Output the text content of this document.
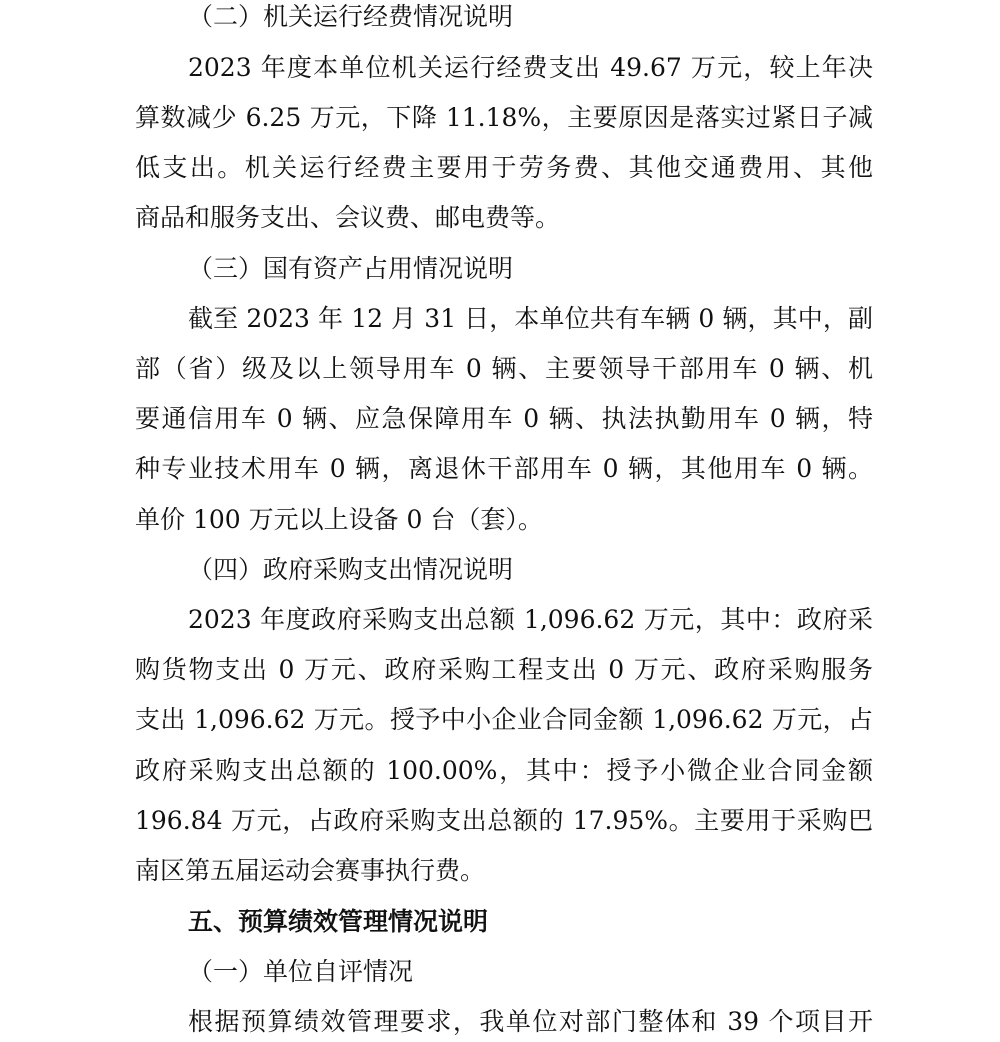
（二）机关运行经费情况说明

2023 年度本单位机关运行经费支出 49.67 万元，较上年决

算数减少 6.25 万元，下降 11.18%，主要原因是落实过紧日子减

低支出。机关运行经费主要用于劳务费、其他交通费用、其他

商品和服务支出、会议费、邮电费等。

（三）国有资产占用情况说明

截至 2023 年 12 月 31 日，本单位共有车辆 0 辆，其中，副

部（省）级及以上领导用车 0 辆、主要领导干部用车 0 辆、机

要通信用车 0 辆、应急保障用车 0 辆、执法执勤用车 0 辆，特

种专业技术用车 0 辆，离退休干部用车 0 辆，其他用车 0 辆。

单价 100 万元以上设备 0 台（套）。

（四）政府采购支出情况说明

2023 年度政府采购支出总额 1,096.62 万元，其中：政府采

购货物支出 0 万元、政府采购工程支出 0 万元、政府采购服务

支出 1,096.62 万元。授予中小企业合同金额 1,096.62 万元，占

政府采购支出总额的 100.00%，其中：授予小微企业合同金额

196.84 万元，占政府采购支出总额的 17.95%。主要用于采购巴

南区第五届运动会赛事执行费。

五、预算绩效管理情况说明

（一）单位自评情况

根据预算绩效管理要求，我单位对部门整体和 39 个项目开
